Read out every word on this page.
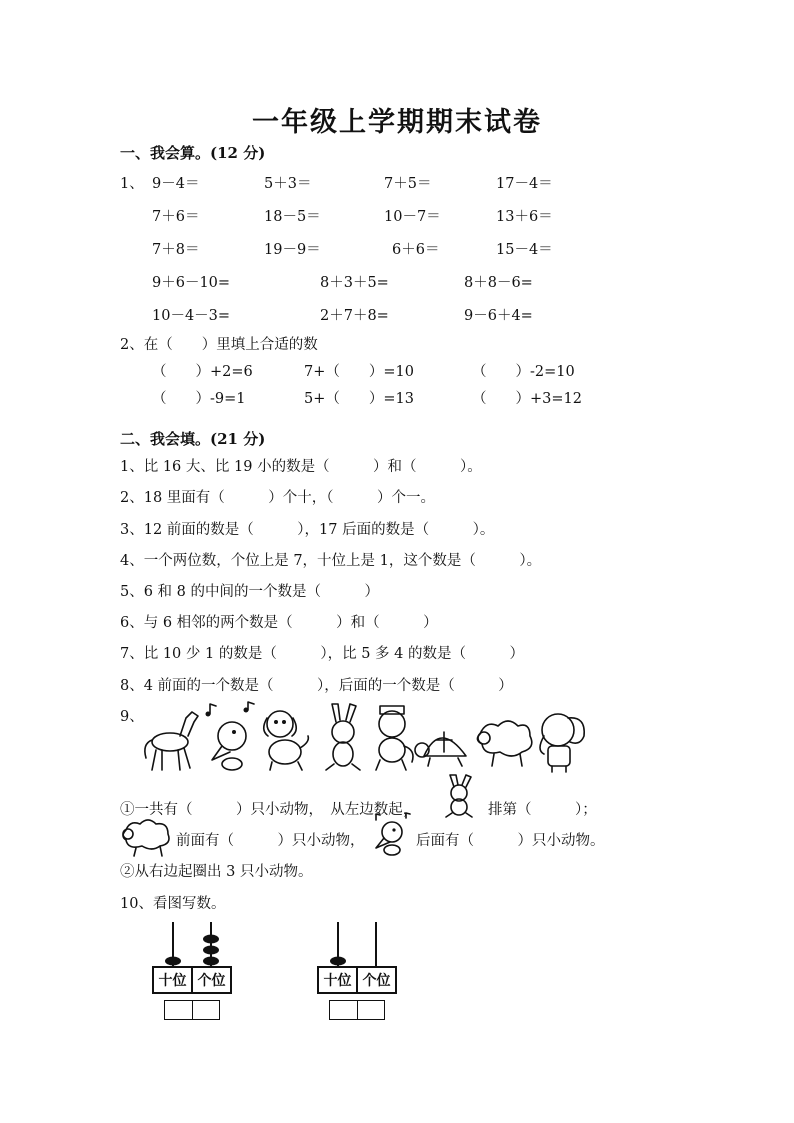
一年级上学期期末试卷
一、我会算。(12 分)
1、 9－4＝	5＋3＝	7＋5＝	17－4＝
7＋6＝	18－5＝	10－7＝	13＋6＝
7＋8＝	19－9＝	6＋6＝	15－4＝
9＋6－10=	8＋3＋5=	8＋8－6=
10－4－3=	2＋7＋8=	9－6＋4=
2、在（　　）里填上合适的数
（　　）+2=6	7+（　　）=10	（　　）-2=10
（　　）-9=1	5+（　　）=13	（　　）+3=12
二、我会填。(21 分)
1、比 16 大、比 19 小的数是（　　　）和（　　　）。
2、18 里面有（　　　）个十，（　　　）个一。
3、12 前面的数是（　　　），17 后面的数是（　　　）。
4、一个两位数，个位上是 7，十位上是 1，这个数是（　　　）。
5、6 和 8 的中间的一个数是（　　　）
6、与 6 相邻的两个数是（　　　）和（　　　）
7、比 10 少 1 的数是（　　　），比 5 多 4 的数是（　　　）
8、4 前面的一个数是（　　　），后面的一个数是（　　　）
9、
①一共有（　　　）只小动物，　从左边数起，	排第（　　　）；
前面有（　　　）只小动物，	后面有（　　　）只小动物。
②从右边起圈出 3 只小动物。
10、看图写数。
十位 个位	十位 个位
